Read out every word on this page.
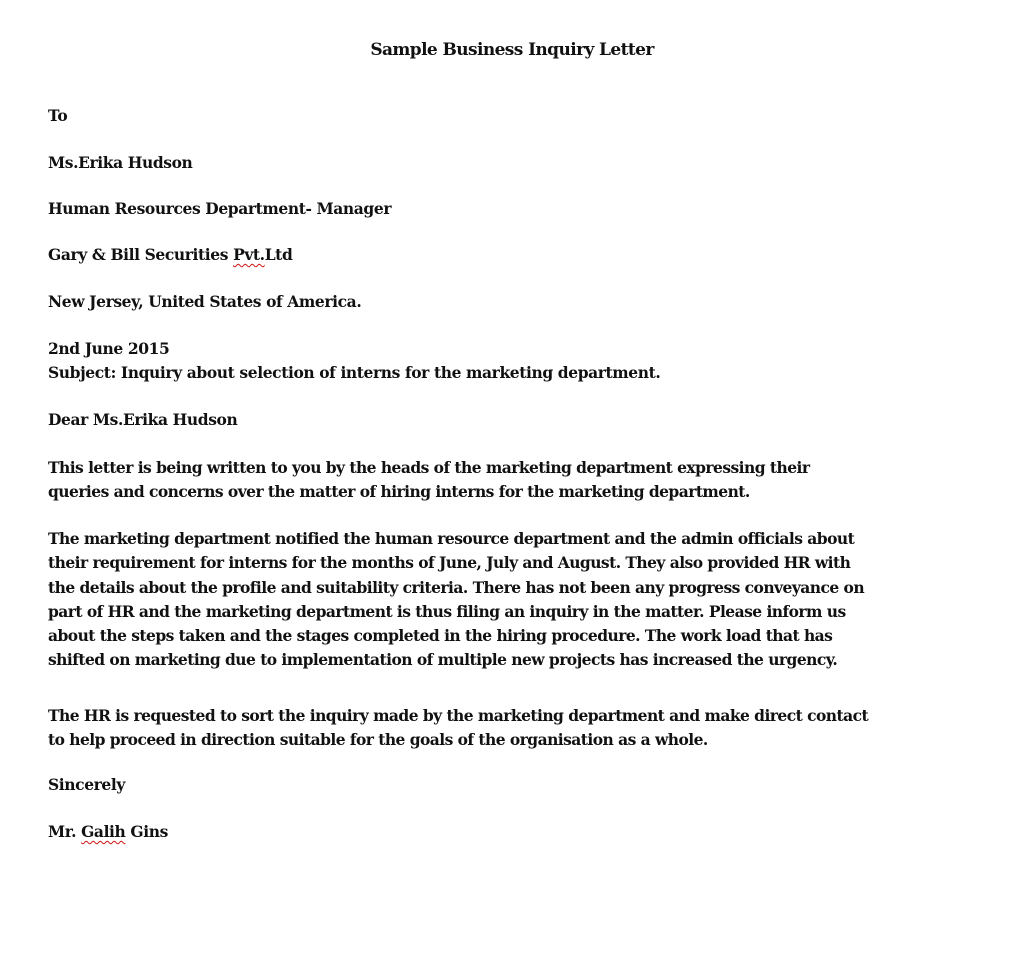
Sample Business Inquiry Letter
To
Ms.Erika Hudson
Human Resources Department- Manager
Gary & Bill Securities Pvt.Ltd
New Jersey, United States of America.
2nd June 2015
Subject: Inquiry about selection of interns for the marketing department.
Dear Ms.Erika Hudson
This letter is being written to you by the heads of the marketing department expressing their
queries and concerns over the matter of hiring interns for the marketing department.
The marketing department notified the human resource department and the admin officials about
their requirement for interns for the months of June, July and August. They also provided HR with
the details about the profile and suitability criteria. There has not been any progress conveyance on
part of HR and the marketing department is thus filing an inquiry in the matter. Please inform us
about the steps taken and the stages completed in the hiring procedure. The work load that has
shifted on marketing due to implementation of multiple new projects has increased the urgency.
The HR is requested to sort the inquiry made by the marketing department and make direct contact
to help proceed in direction suitable for the goals of the organisation as a whole.
Sincerely
Mr. Galih Gins
